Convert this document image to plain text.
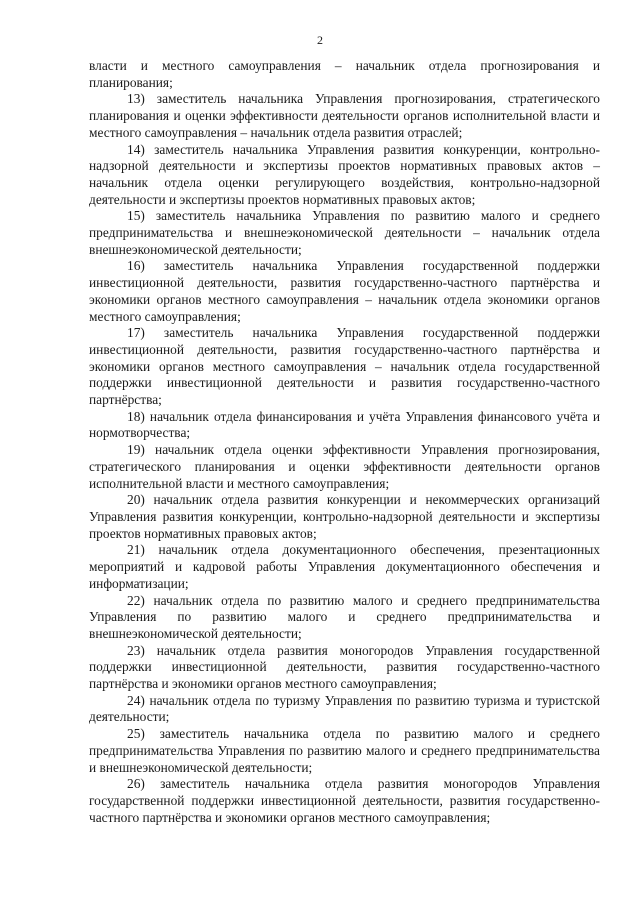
2

власти и местного самоуправления – начальник отдела прогнозирования и планирования;

13) заместитель начальника Управления прогнозирования, стратегического планирования и оценки эффективности деятельности органов исполнительной власти и местного самоуправления – начальник отдела развития отраслей;

14) заместитель начальника Управления развития конкуренции, контрольно-надзорной деятельности и экспертизы проектов нормативных правовых актов – начальник отдела оценки регулирующего воздействия, контрольно-надзорной деятельности и экспертизы проектов нормативных правовых актов;

15) заместитель начальника Управления по развитию малого и среднего предпринимательства и внешнеэкономической деятельности – начальник отдела внешнеэкономической деятельности;

16) заместитель начальника Управления государственной поддержки инвестиционной деятельности, развития государственно-частного партнёрства и экономики органов местного самоуправления – начальник отдела экономики органов местного самоуправления;

17) заместитель начальника Управления государственной поддержки инвестиционной деятельности, развития государственно-частного партнёрства и экономики органов местного самоуправления – начальник отдела государственной поддержки инвестиционной деятельности и развития государственно-частного партнёрства;

18) начальник отдела финансирования и учёта Управления финансового учёта и нормотворчества;

19) начальник отдела оценки эффективности Управления прогнозирования, стратегического планирования и оценки эффективности деятельности органов исполнительной власти и местного самоуправления;

20) начальник отдела развития конкуренции и некоммерческих организаций Управления развития конкуренции, контрольно-надзорной деятельности и экспертизы проектов нормативных правовых актов;

21) начальник отдела документационного обеспечения, презентационных мероприятий и кадровой работы Управления документационного обеспечения и информатизации;

22) начальник отдела по развитию малого и среднего предпринимательства Управления по развитию малого и среднего предпринимательства и внешнеэкономической деятельности;

23) начальник отдела развития моногородов Управления государственной поддержки инвестиционной деятельности, развития государственно-частного партнёрства и экономики органов местного самоуправления;

24) начальник отдела по туризму Управления по развитию туризма и туристской деятельности;

25) заместитель начальника отдела по развитию малого и среднего предпринимательства Управления по развитию малого и среднего предпринимательства и внешнеэкономической деятельности;

26) заместитель начальника отдела развития моногородов Управления государственной поддержки инвестиционной деятельности, развития государственно-частного партнёрства и экономики органов местного самоуправления;
